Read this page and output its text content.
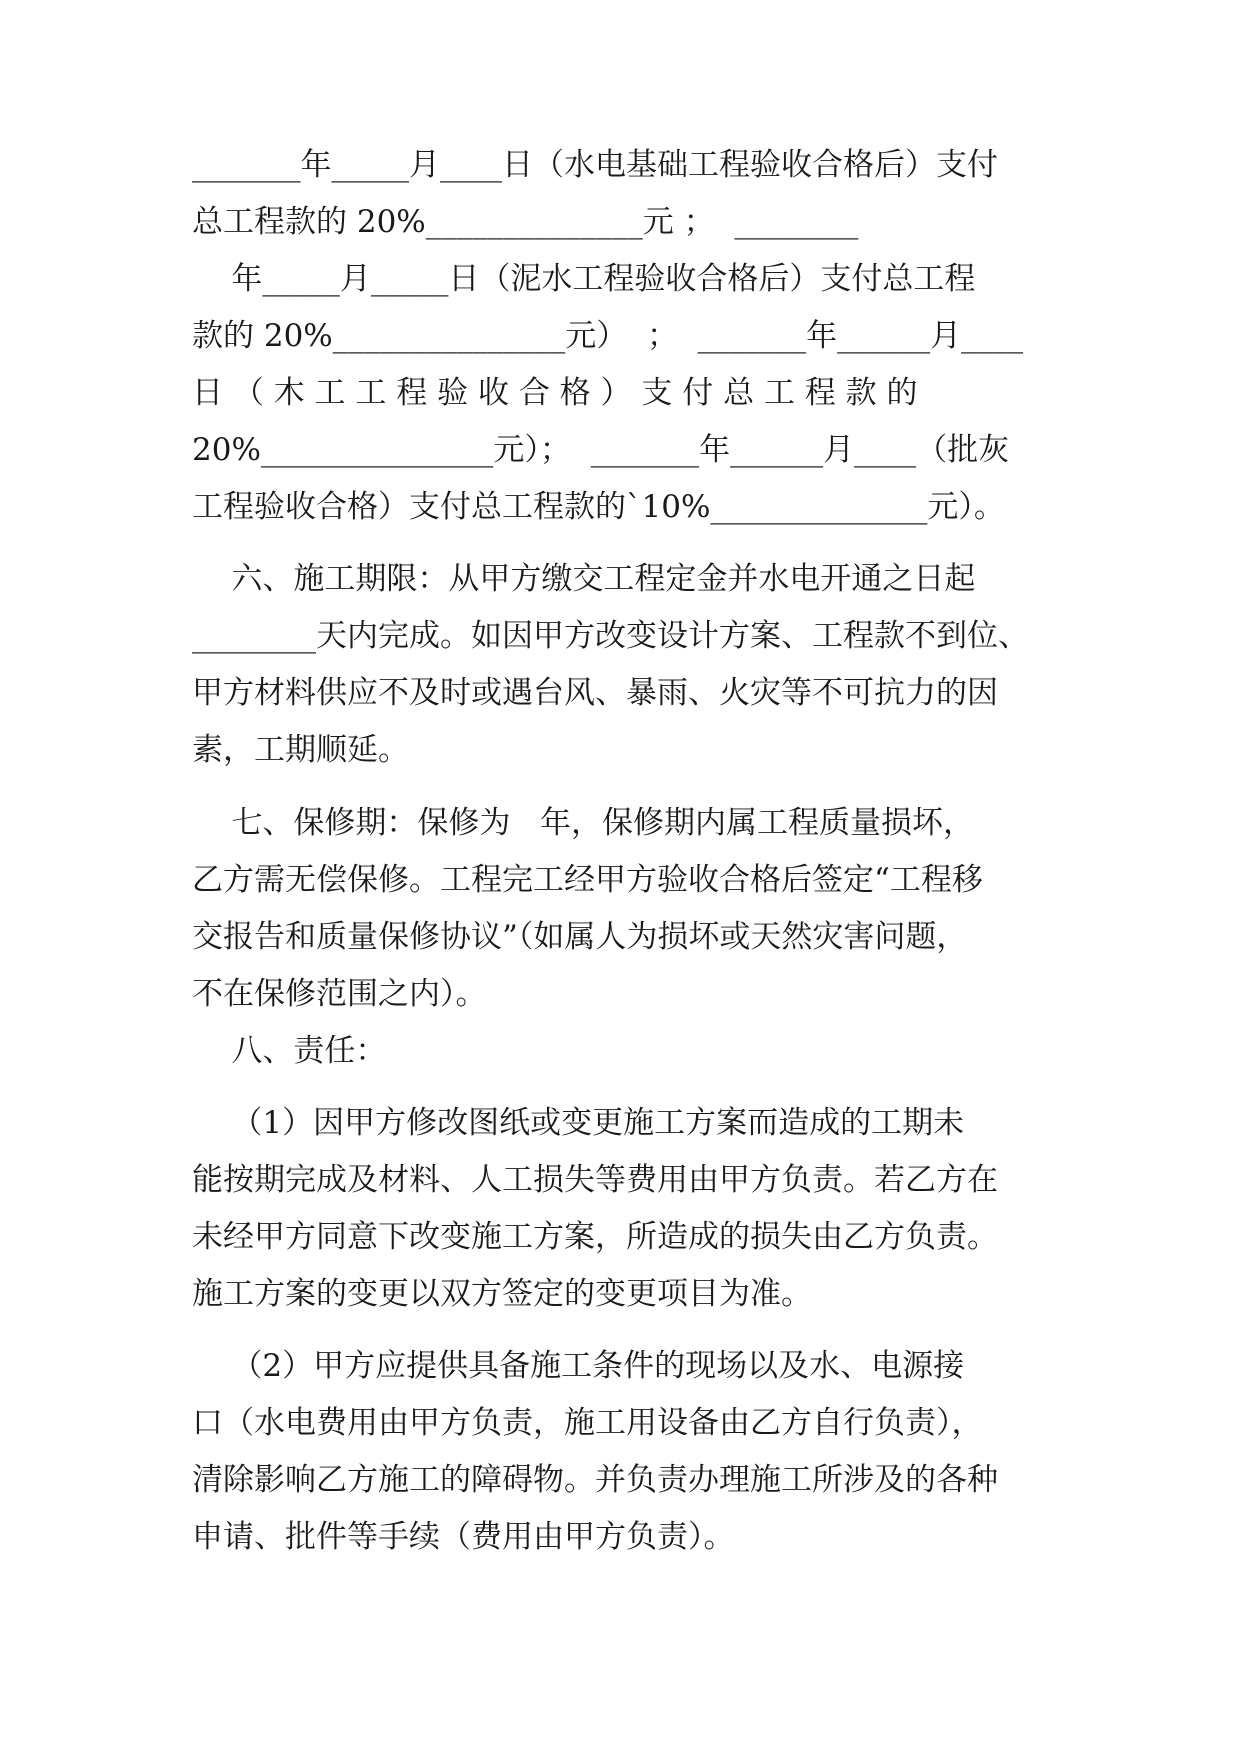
_______年_____月____日（水电基础工程验收合格后）支付
总工程款的 20%______________元 ；  ________
年_____月_____日（泥水工程验收合格后）支付总工程
款的 20%_______________元）  ；  _______年______月____
日 （ 木 工 工 程 验 收 合 格 ） 支 付 总 工 程 款 的
20%_______________元）；  _______年______月____（批灰
工程验收合格）支付总工程款的`10%______________元）。
六、施工期限：从甲方缴交工程定金并水电开通之日起
________天内完成。如因甲方改变设计方案、工程款不到位、
甲方材料供应不及时或遇台风、暴雨、火灾等不可抗力的因
素，工期顺延。
七、保修期：保修为   年，保修期内属工程质量损坏，
乙方需无偿保修。工程完工经甲方验收合格后签定“工程移
交报告和质量保修协议”（如属人为损坏或天然灾害问题，
不在保修范围之内）。
八、责任：
（1）因甲方修改图纸或变更施工方案而造成的工期未
能按期完成及材料、人工损失等费用由甲方负责。若乙方在
未经甲方同意下改变施工方案，所造成的损失由乙方负责。
施工方案的变更以双方签定的变更项目为准。
（2）甲方应提供具备施工条件的现场以及水、电源接
口（水电费用由甲方负责，施工用设备由乙方自行负责），
清除影响乙方施工的障碍物。并负责办理施工所涉及的各种
申请、批件等手续（费用由甲方负责）。
